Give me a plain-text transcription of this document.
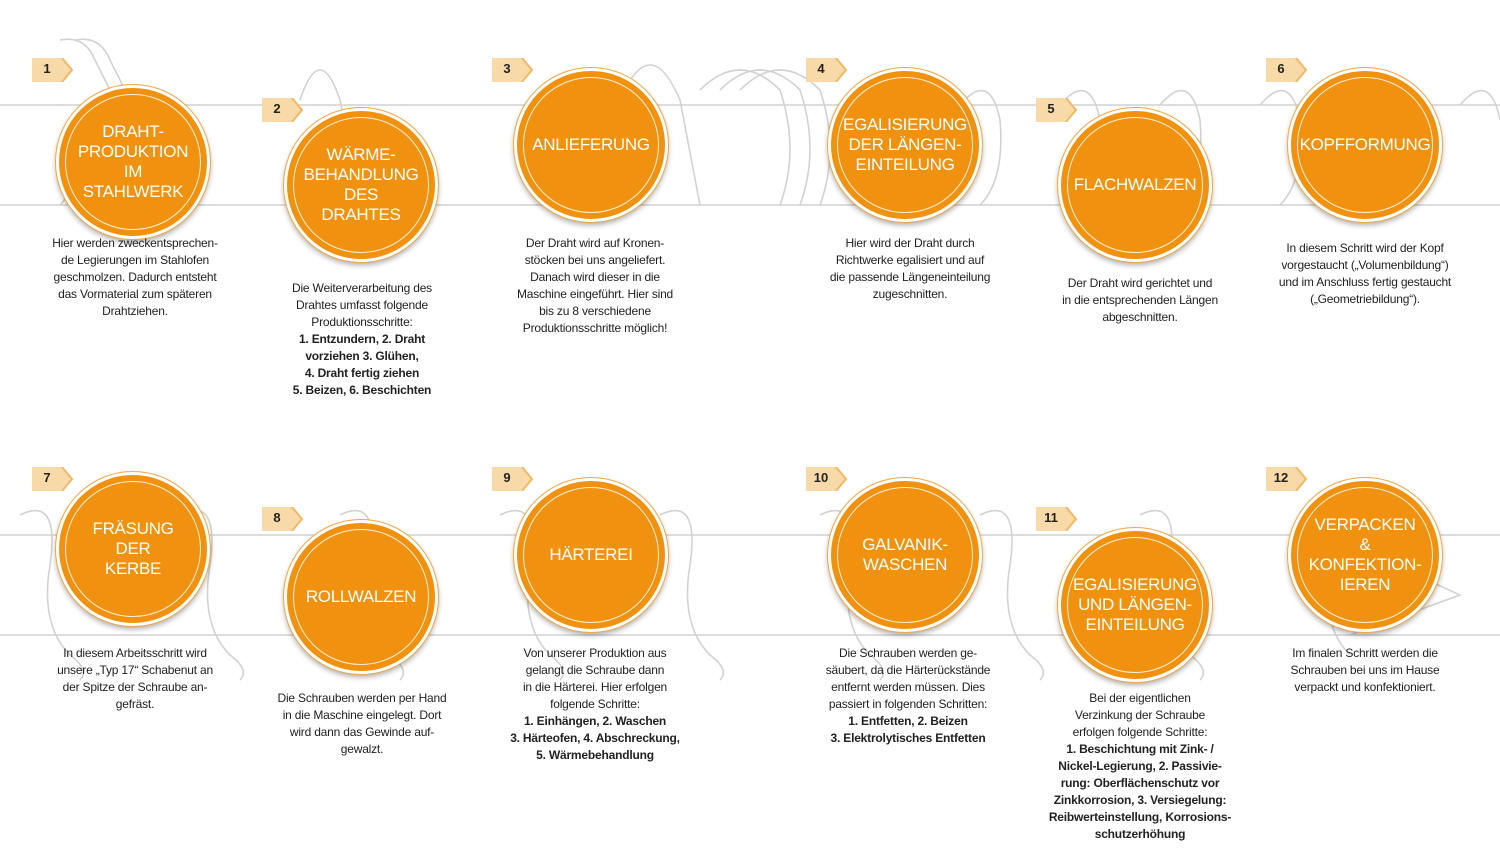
1
DRAHT-
PRODUKTION
IM STAHLWERK
Hier werden zweckentsprechen-
de Legierungen im Stahlofen
geschmolzen. Dadurch entsteht
das Vormaterial zum späteren
Drahtziehen.
2
WÄRME-
BEHANDLUNG
DES DRAHTES
Die Weiterverarbeitung des
Drahtes umfasst folgende
Produktionsschritte:
1. Entzundern, 2. Draht
vorziehen 3. Glühen,
4. Draht fertig ziehen
5. Beizen, 6. Beschichten
3
ANLIEFERUNG
Der Draht wird auf Kronen-
stöcken bei uns angeliefert.
Danach wird dieser in die
Maschine eingeführt. Hier sind
bis zu 8 verschiedene
Produktionsschritte möglich!
4
EGALISIERUNG
DER LÄNGEN-
EINTEILUNG
Hier wird der Draht durch
Richtwerke egalisiert und auf
die passende Längeneinteilung
zugeschnitten.
5
FLACHWALZEN
Der Draht wird gerichtet und
in die entsprechenden Längen
abgeschnitten.
6
KOPFFORMUNG
In diesem Schritt wird der Kopf
vorgestaucht („Volumenbildung“)
und im Anschluss fertig gestaucht
(„Geometriebildung“).
7
FRÄSUNG DER
KERBE
In diesem Arbeitsschritt wird
unsere „Typ 17“ Schabenut an
der Spitze der Schraube an-
gefräst.
8
ROLLWALZEN
Die Schrauben werden per Hand
in die Maschine eingelegt. Dort
wird dann das Gewinde auf-
gewalzt.
9
HÄRTEREI
Von unserer Produktion aus
gelangt die Schraube dann
in die Härterei. Hier erfolgen
folgende Schritte:
1. Einhängen, 2. Waschen
3. Härteofen, 4. Abschreckung,
5. Wärmebehandlung
10
GALVANIK-
WASCHEN
Die Schrauben werden ge-
säubert, da die Härterückstände
entfernt werden müssen. Dies
passiert in folgenden Schritten:
1. Entfetten, 2. Beizen
3. Elektrolytisches Entfetten
11
EGALISIERUNG
UND LÄNGEN-
EINTEILUNG
Bei der eigentlichen
Verzinkung der Schraube
erfolgen folgende Schritte:
1. Beschichtung mit Zink- /
Nickel-Legierung, 2. Passivie-
rung: Oberflächenschutz vor
Zinkkorrosion, 3. Versiegelung:
Reibwerteinstellung, Korrosions-
schutzerhöhung
12
VERPACKEN &
KONFEKTION-
IEREN
Im finalen Schritt werden die
Schrauben bei uns im Hause
verpackt und konfektioniert.
